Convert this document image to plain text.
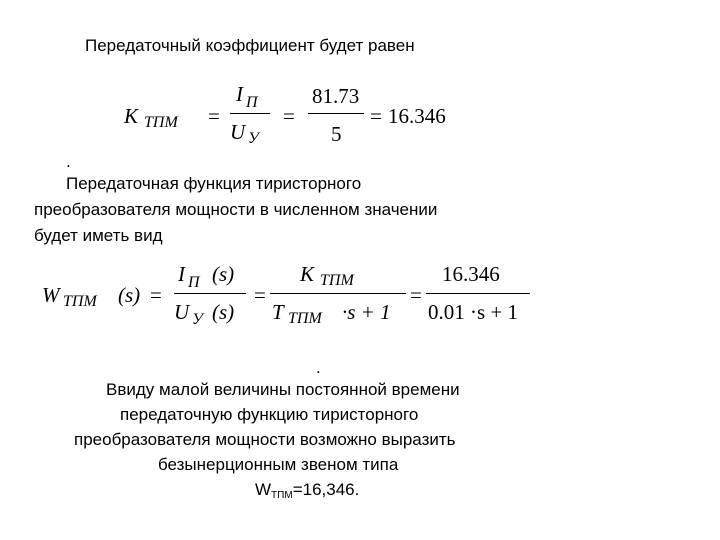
Передаточный коэффициент будет равен
K ТПМ =
I П
U У
=
81.73
5
= 16.346
.
Передаточная функция тиристорного
преобразователя мощности в численном значении
будет иметь вид
W ТПМ (s) =
I П (s)
U У (s)
=
K ТПМ
T ТПМ ·s + 1
=
16.346
0.01 ·s + 1
.
Ввиду малой величины постоянной времени
передаточную функцию тиристорного
преобразователя мощности возможно выразить
безынерционным звеном типа
WТПМ=16,346.
